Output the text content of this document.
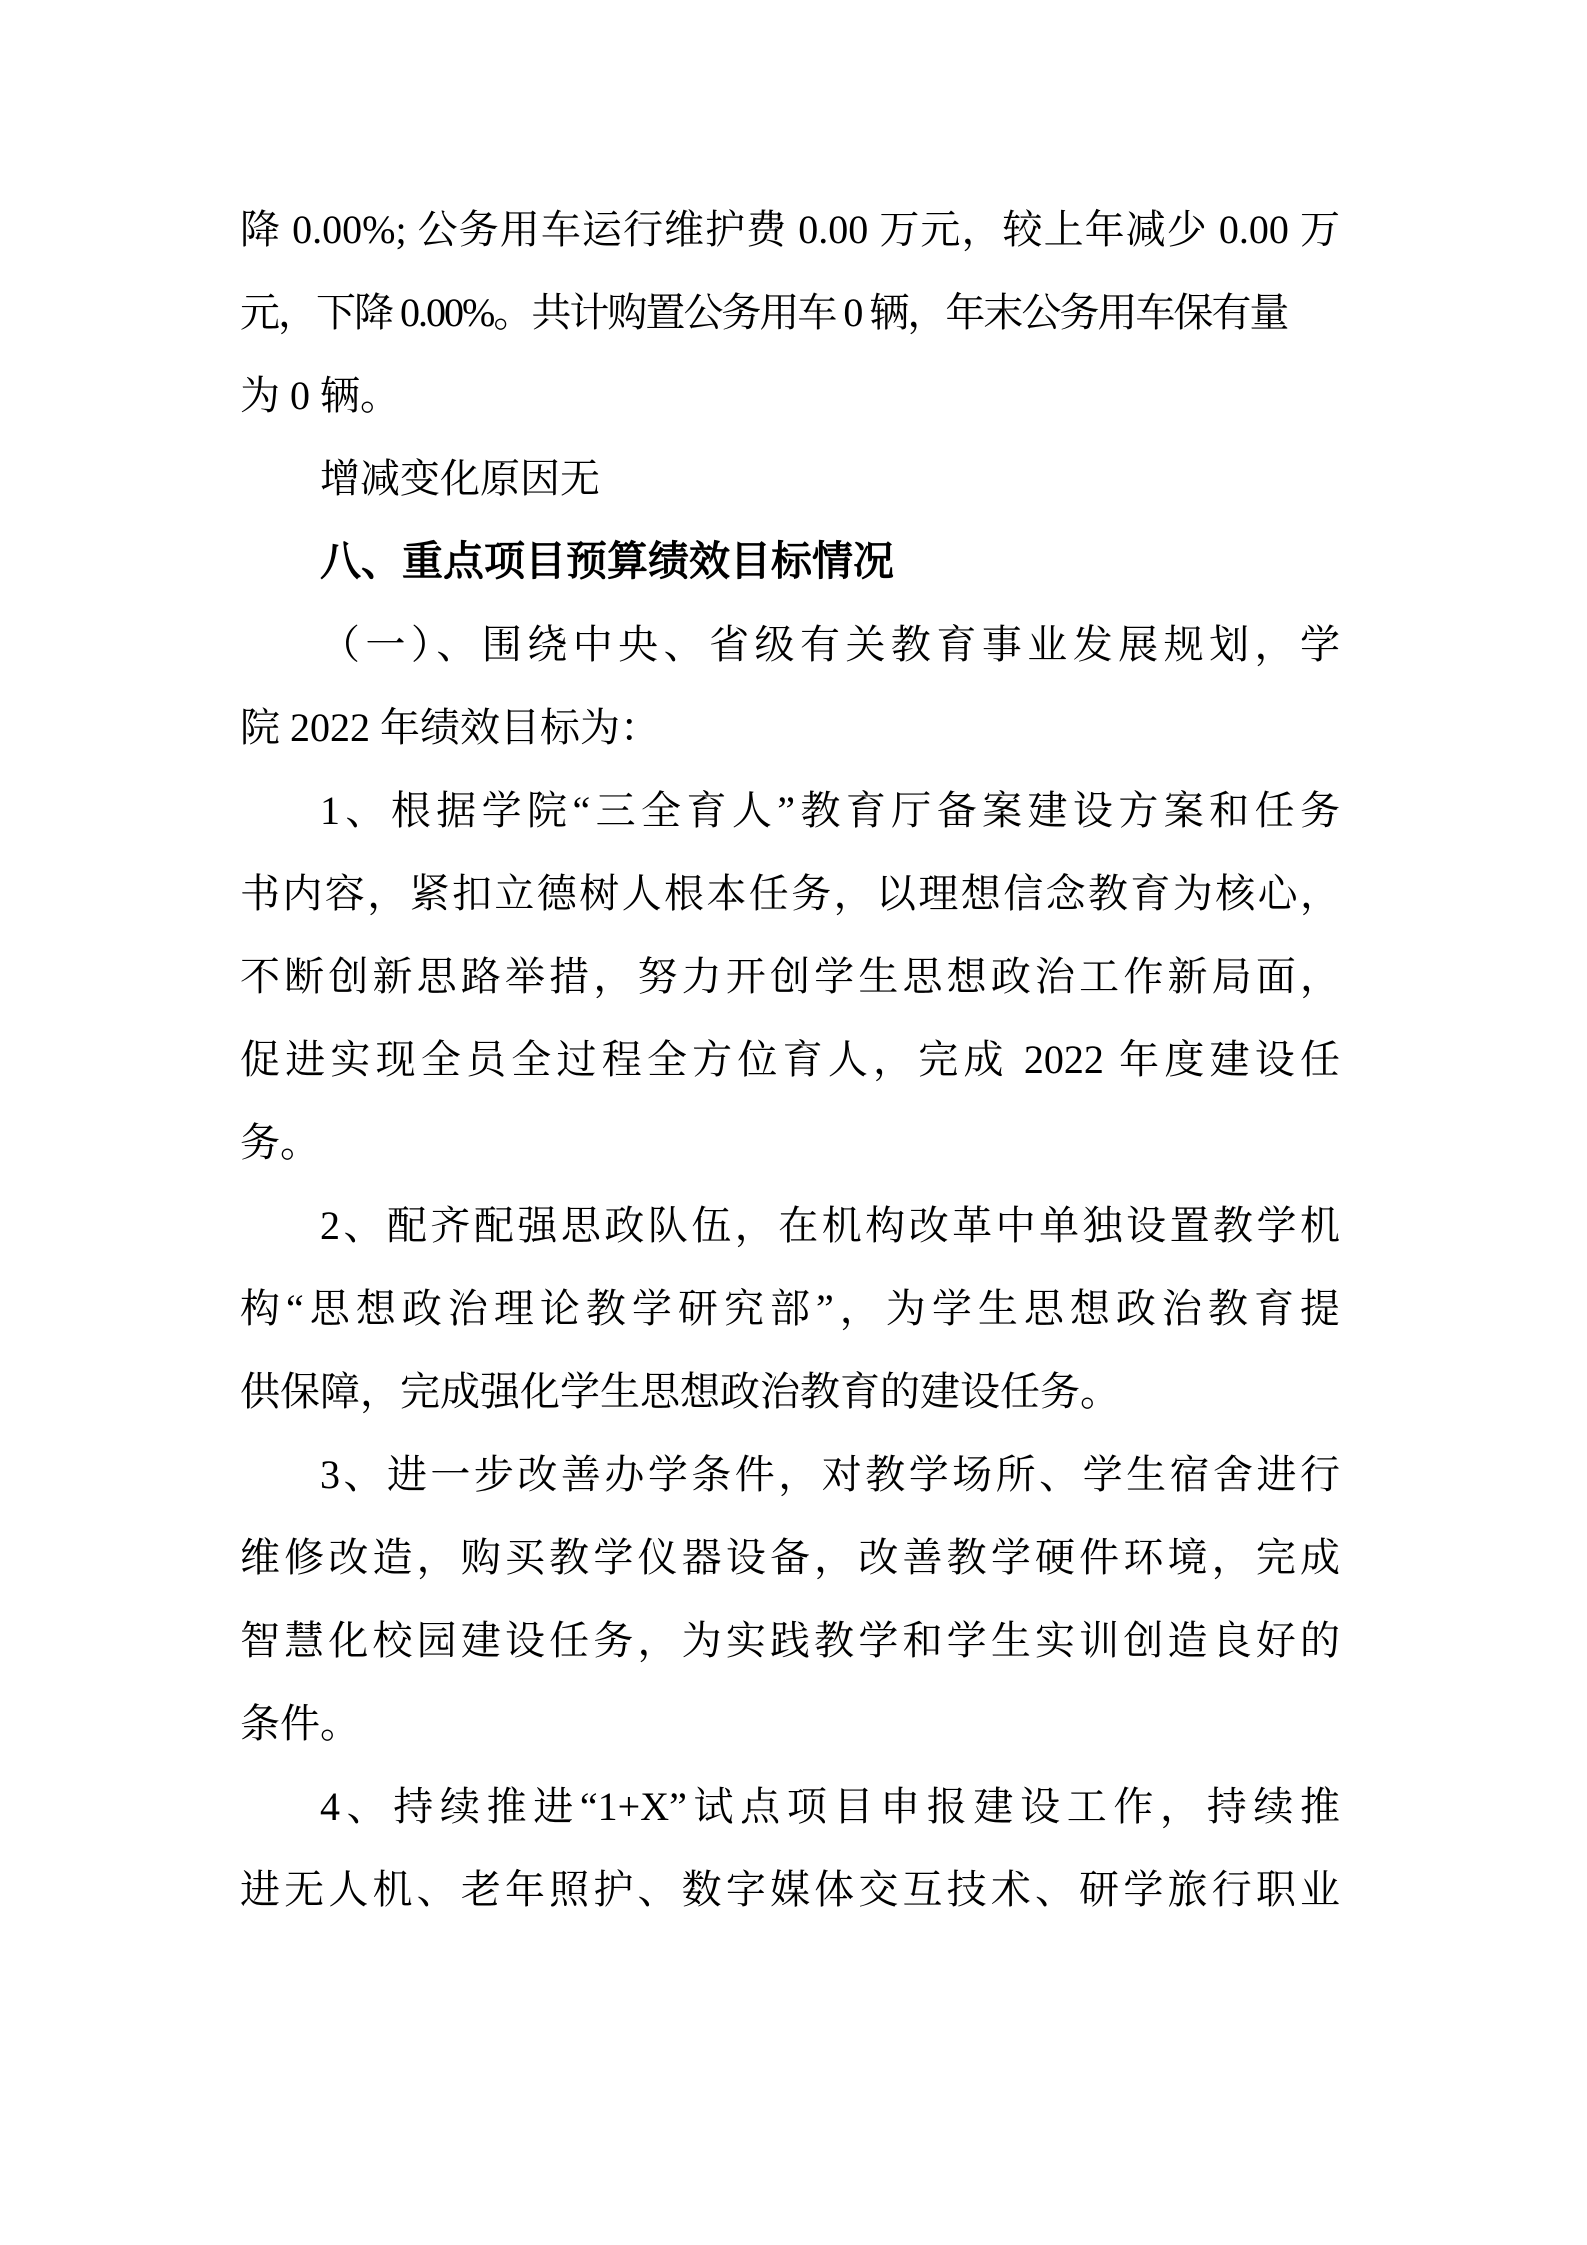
降 0.00%; 公务用车运行维护费 0.00 万元，较上年减少 0.00 万
元，下降 0.00%。共计购置公务用车 0 辆，年末公务用车保有量
为 0 辆。
增减变化原因无
八、重点项目预算绩效目标情况
（一）、围绕中央、省级有关教育事业发展规划，学
院 2022 年绩效目标为：
1、根据学院“三全育人”教育厅备案建设方案和任务
书内容，紧扣立德树人根本任务，以理想信念教育为核心，
不断创新思路举措，努力开创学生思想政治工作新局面，
促进实现全员全过程全方位育人，完成 2022 年度建设任
务。
2、配齐配强思政队伍，在机构改革中单独设置教学机
构“思想政治理论教学研究部”，为学生思想政治教育提
供保障，完成强化学生思想政治教育的建设任务。
3、进一步改善办学条件，对教学场所、学生宿舍进行
维修改造，购买教学仪器设备，改善教学硬件环境，完成
智慧化校园建设任务，为实践教学和学生实训创造良好的
条件。
4、持续推进“1+X”试点项目申报建设工作，持续推
进无人机、老年照护、数字媒体交互技术、研学旅行职业
